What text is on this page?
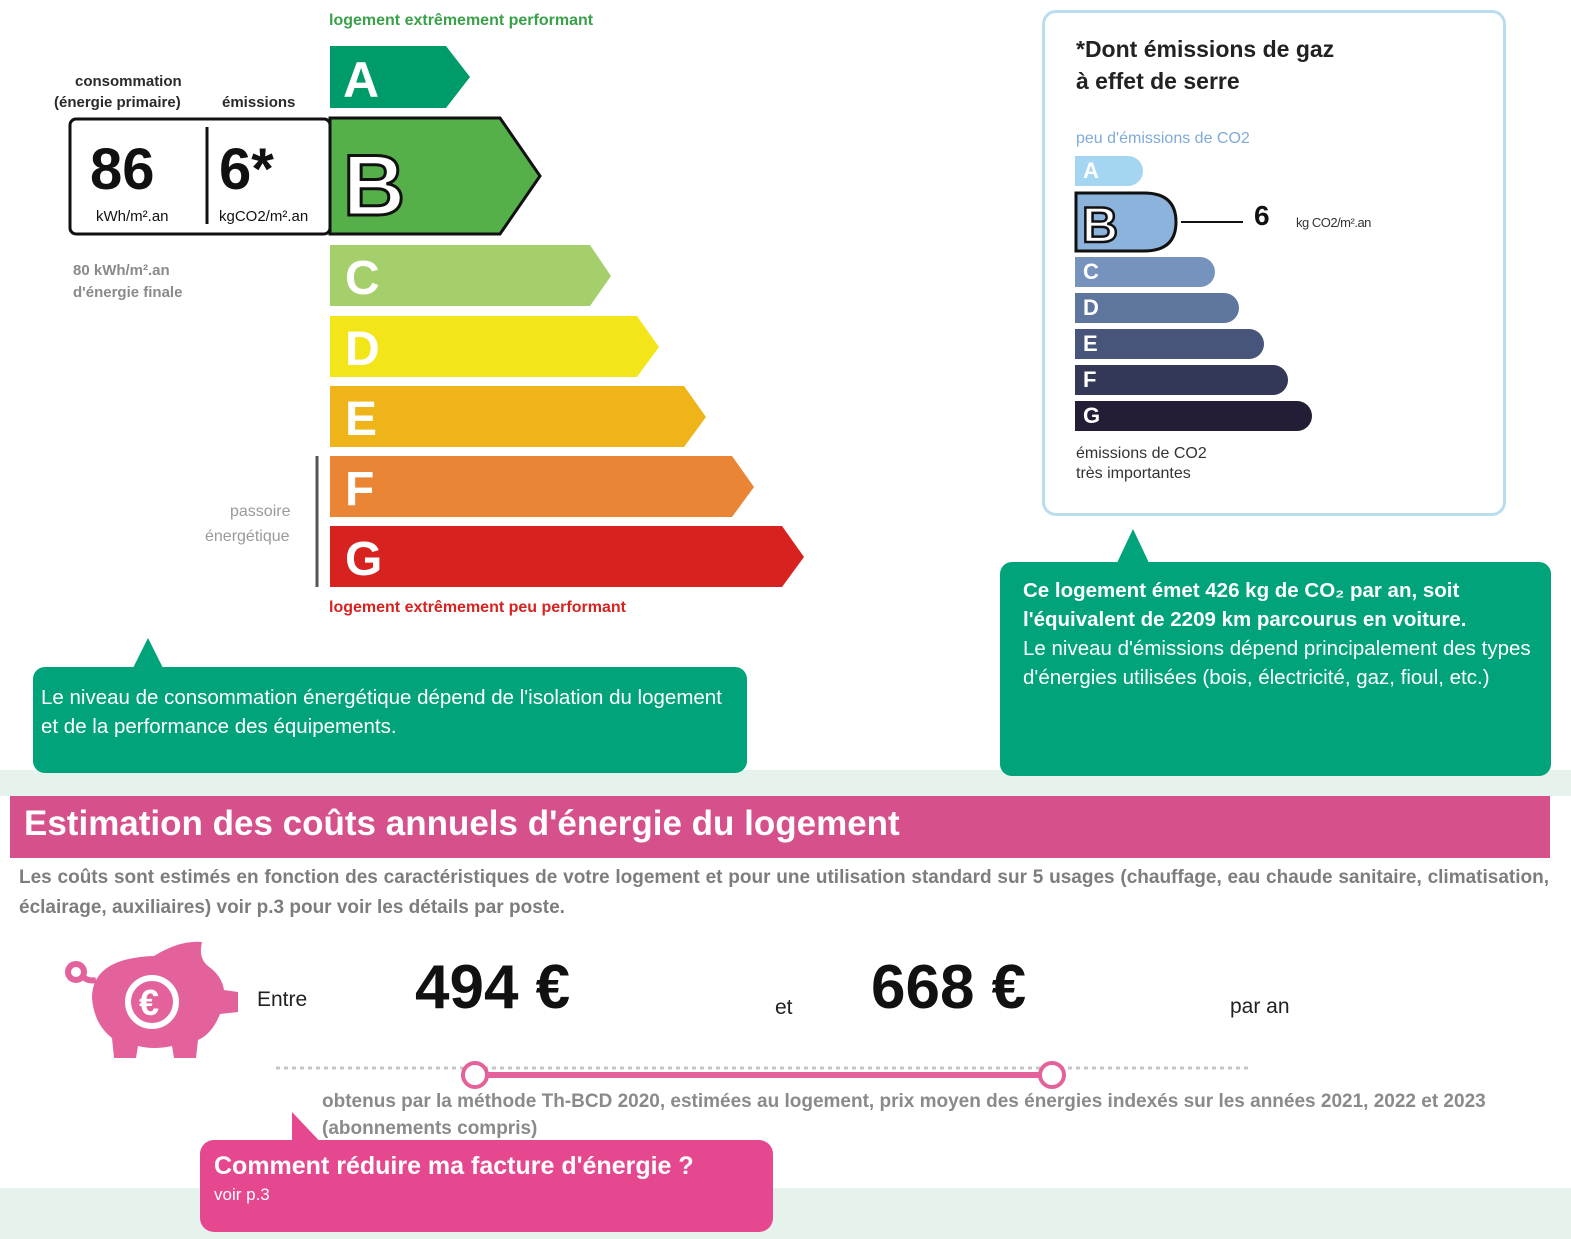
logement extrêmement performant
A
B
C
D
E
F
G
consommation
(énergie primaire)	émissions
86
kWh/m².an
6*
kgCO2/m².an
80 kWh/m².an
d'énergie finale
passoire
énergétique
logement extrêmement peu performant
Le niveau de consommation énergétique dépend de l'isolation du logement et de la performance des équipements.
*Dont émissions de gaz
à effet de serre
peu d'émissions de CO2
A
B
C
D
E
F
G
6 kg CO2/m².an
émissions de CO2
très importantes
Ce logement émet 426 kg de CO₂ par an, soit l'équivalent de 2209 km parcourus en voiture.
Le niveau d'émissions dépend principalement des types d'énergies utilisées (bois, électricité, gaz, fioul, etc.)
Estimation des coûts annuels d'énergie du logement
Les coûts sont estimés en fonction des caractéristiques de votre logement et pour une utilisation standard sur 5 usages (chauffage, eau chaude sanitaire, climatisation, éclairage, auxiliaires) voir p.3 pour voir les détails par poste.
€	Entre 494 €	et 668 €	par an
obtenus par la méthode Th-BCD 2020, estimées au logement, prix moyen des énergies indexés sur les années 2021, 2022 et 2023 (abonnements compris)
Comment réduire ma facture d'énergie ?
voir p.3
